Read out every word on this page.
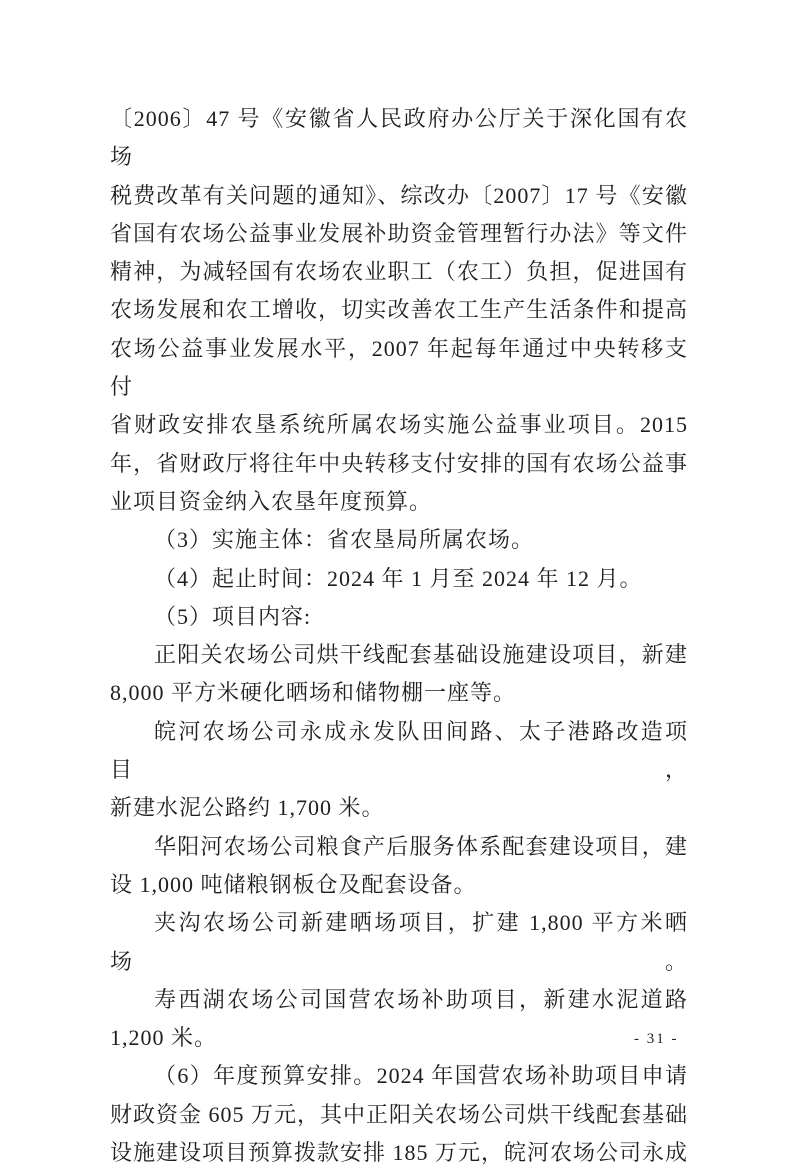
〔2006〕47 号《安徽省人民政府办公厅关于深化国有农场
税费改革有关问题的通知》、综改办〔2007〕17 号《安徽
省国有农场公益事业发展补助资金管理暂行办法》等文件
精神，为减轻国有农场农业职工（农工）负担，促进国有
农场发展和农工增收，切实改善农工生产生活条件和提高
农场公益事业发展水平，2007 年起每年通过中央转移支付
省财政安排农垦系统所属农场实施公益事业项目。2015
年，省财政厅将往年中央转移支付安排的国有农场公益事
业项目资金纳入农垦年度预算。
（3）实施主体：省农垦局所属农场。
（4）起止时间：2024 年 1 月至 2024 年 12 月。
（5）项目内容:
正阳关农场公司烘干线配套基础设施建设项目，新建
8,000 平方米硬化晒场和储物棚一座等。
皖河农场公司永成永发队田间路、太子港路改造项目，
新建水泥公路约 1,700 米。
华阳河农场公司粮食产后服务体系配套建设项目，建
设 1,000 吨储粮钢板仓及配套设备。
夹沟农场公司新建晒场项目，扩建 1,800 平方米晒场。
寿西湖农场公司国营农场补助项目，新建水泥道路
1,200 米。
（6）年度预算安排。2024 年国营农场补助项目申请
财政资金 605 万元，其中正阳关农场公司烘干线配套基础
设施建设项目预算拨款安排 185 万元，皖河农场公司永成
- 31 -
